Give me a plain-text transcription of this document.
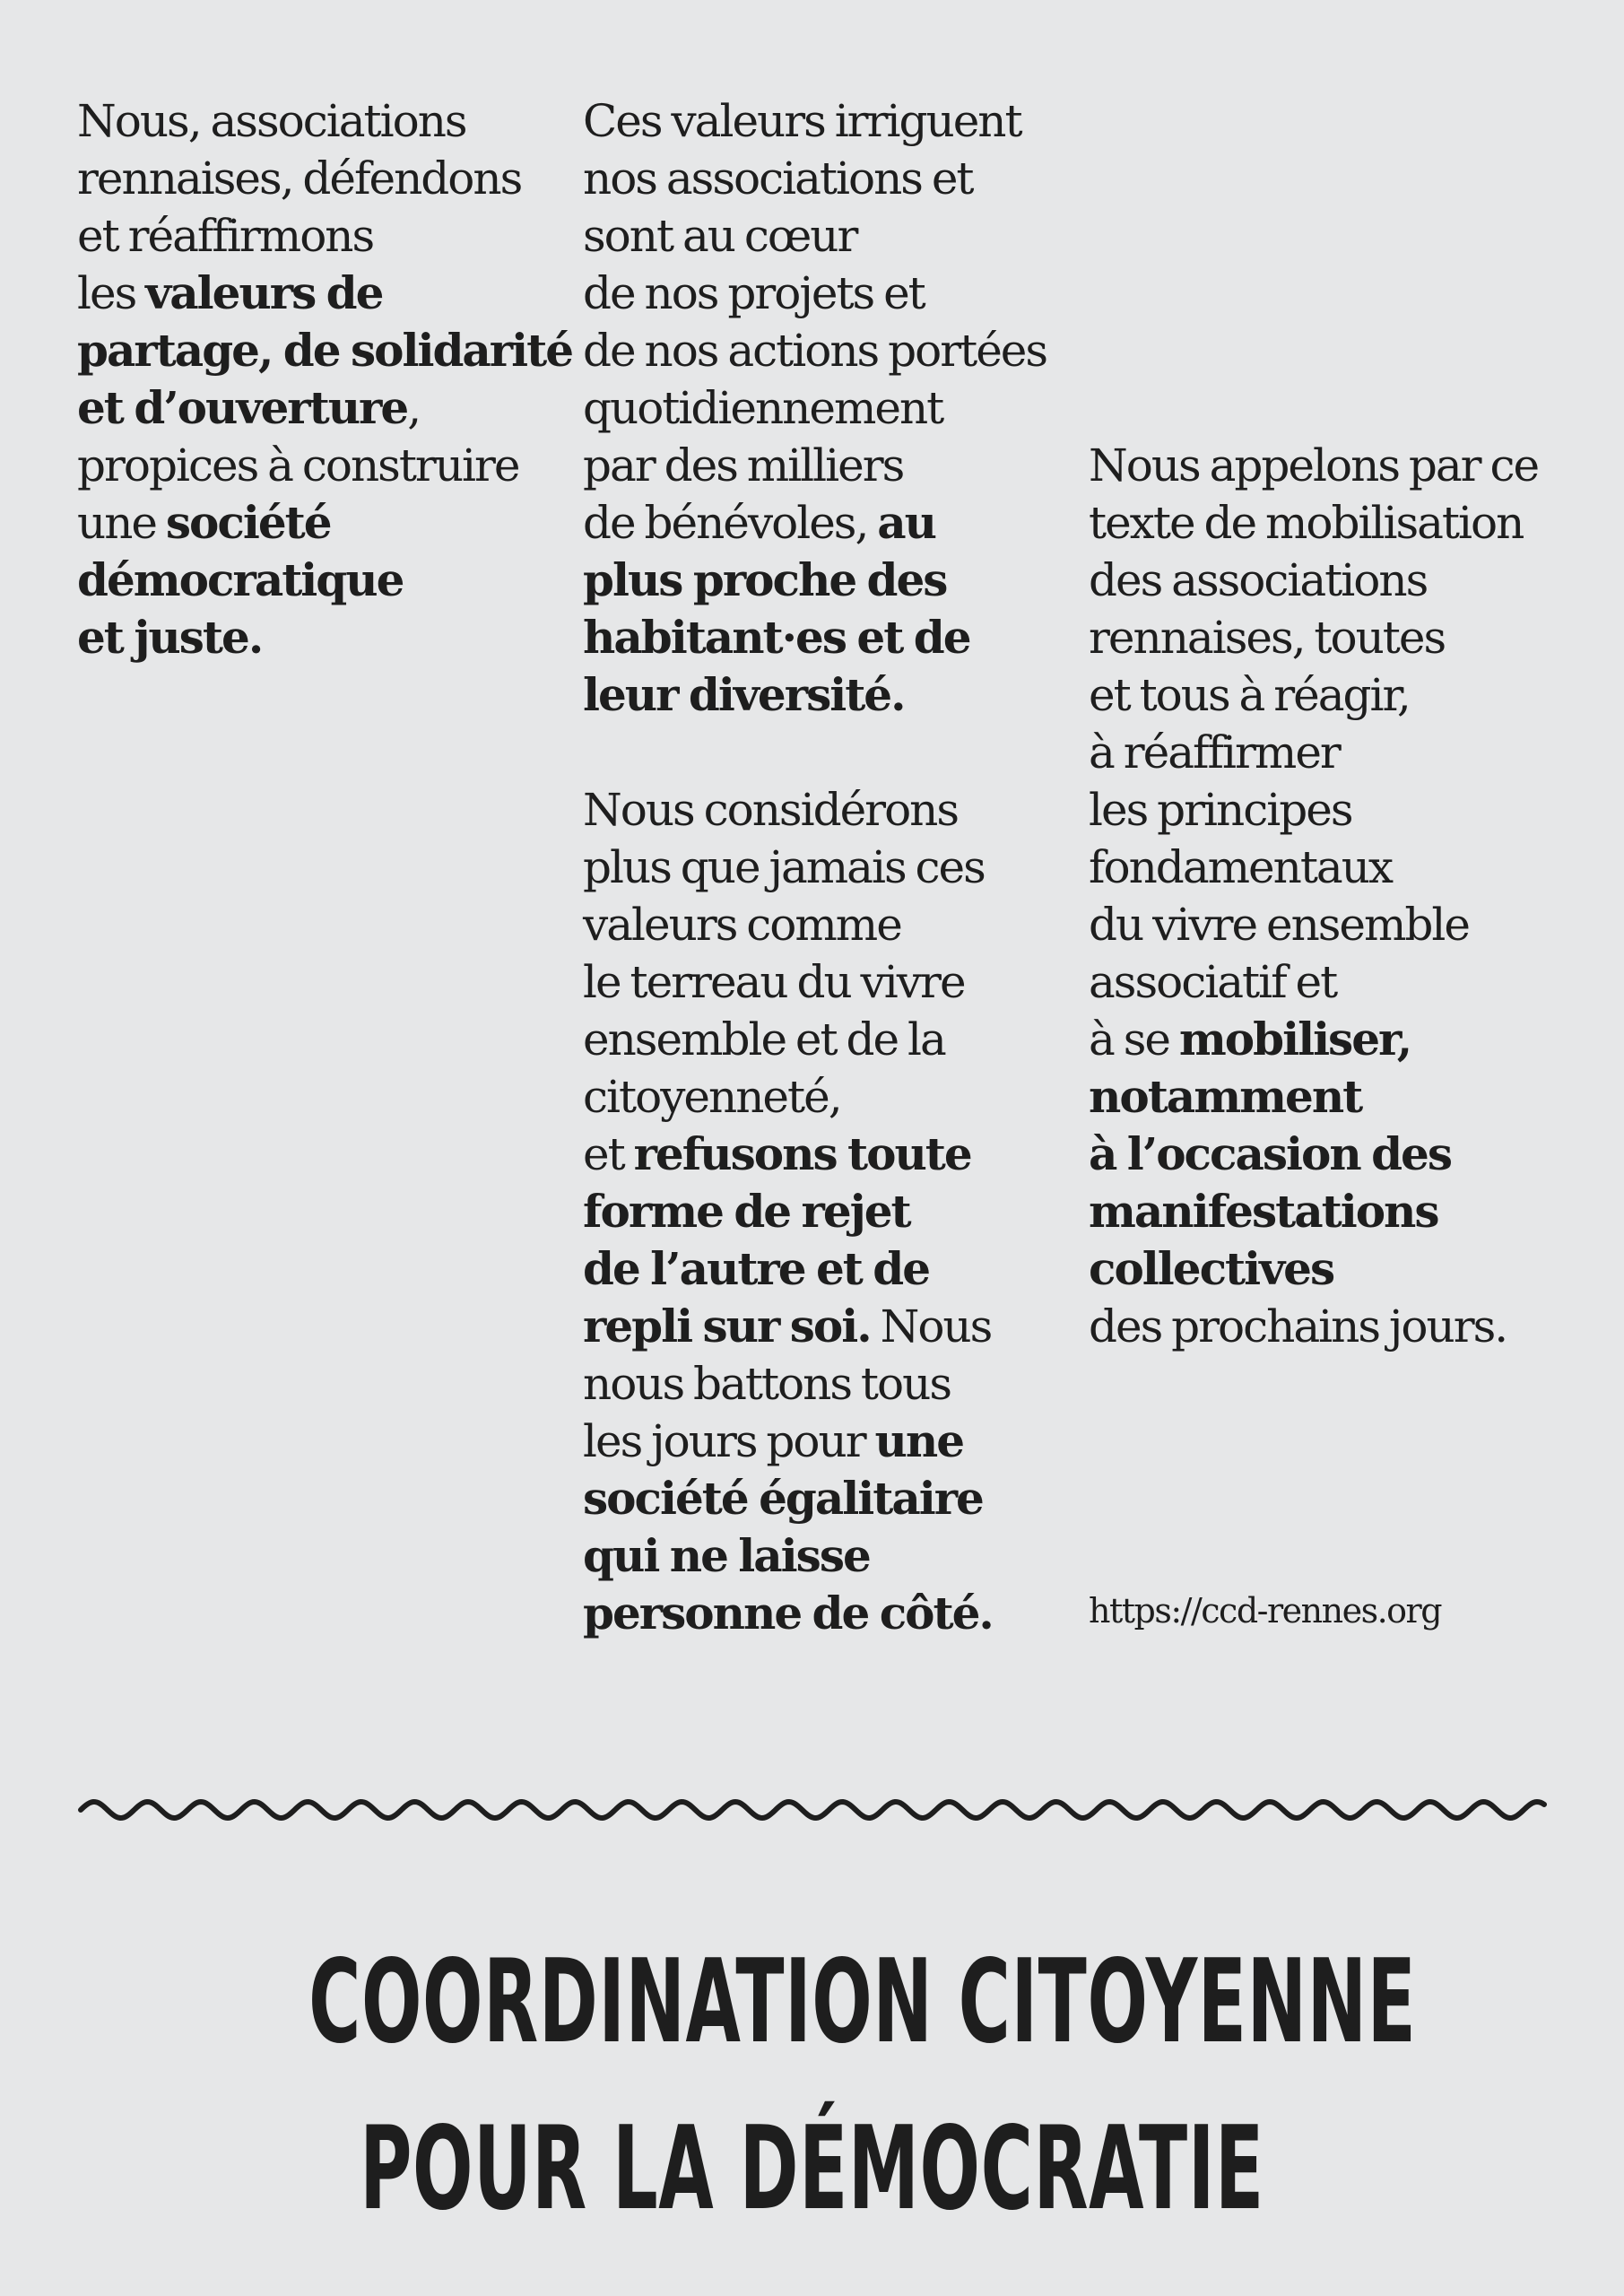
Nous, associations
rennaises, défendons
et réaffirmons
les valeurs de
partage, de solidarité
et d’ouverture,
propices à construire
une société
démocratique
et juste.
Ces valeurs irriguent
nos associations et
sont au cœur
de nos projets et
de nos actions portées
quotidiennement
par des milliers
de bénévoles, au
plus proche des
habitant·es et de
leur diversité.
Nous considérons
plus que jamais ces
valeurs comme
le terreau du vivre
ensemble et de la
citoyenneté,
et refusons toute
forme de rejet
de l’autre et de
repli sur soi. Nous
nous battons tous
les jours pour une
société égalitaire
qui ne laisse
personne de côté.
Nous appelons par ce
texte de mobilisation
des associations
rennaises, toutes
et tous à réagir,
à réaffirmer
les principes
fondamentaux
du vivre ensemble
associatif et
à se mobiliser,
notamment
à l’occasion des
manifestations
collectives
des prochains jours.
https://ccd-rennes.org
COORDINATION CITOYENNE
POUR LA DÉMOCRATIE
